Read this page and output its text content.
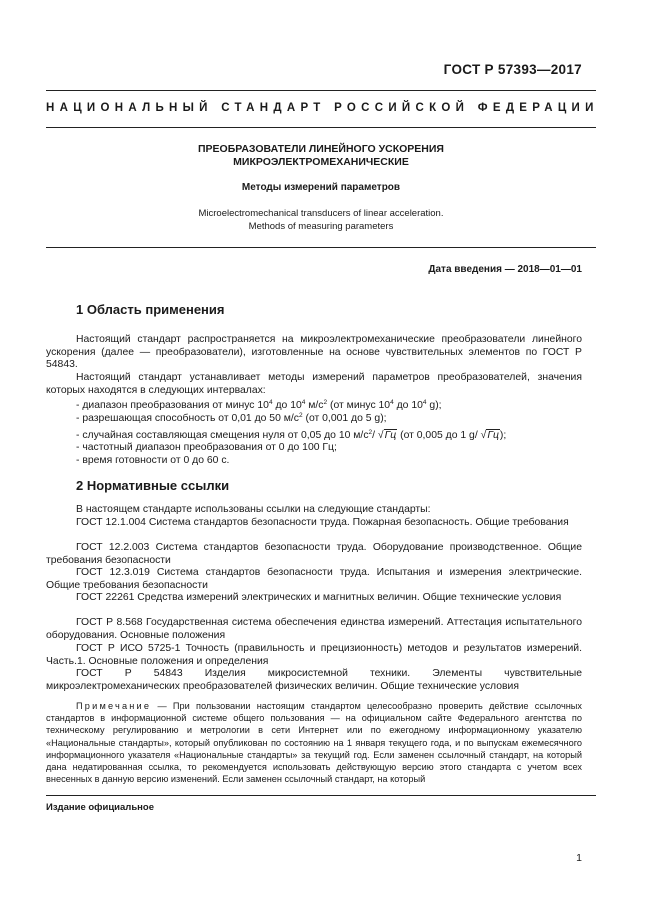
ГОСТ Р 57393—2017
НАЦИОНАЛЬНЫЙ СТАНДАРТ РОССИЙСКОЙ ФЕДЕРАЦИИ
ПРЕОБРАЗОВАТЕЛИ ЛИНЕЙНОГО УСКОРЕНИЯ
МИКРОЭЛЕКТРОМЕХАНИЧЕСКИЕ
Методы измерений параметров
Microelectromechanical transducers of linear acceleration.
Methods of measuring parameters
Дата введения — 2018—01—01
1 Область применения
Настоящий стандарт распространяется на микроэлектромеханические преобразователи линейного ускорения (далее — преобразователи), изготовленные на основе чувствительных элементов по ГОСТ Р 54843.
Настоящий стандарт устанавливает методы измерений параметров преобразователей, значения которых находятся в следующих интервалах:
- диапазон преобразования от минус $10^4$ до $10^4$ $м/с^2$ (от минус $10^4$ до $10^4$ g);
- разрешающая способность от 0,01 до 50 $м/с^2$ (от 0,001 до 5 g);
- случайная составляющая смещения нуля от 0,05 до 10 $м/с^2/$ √Гц (от 0,005 до 1 g/ √Гц);
- частотный диапазон преобразования от 0 до 100 Гц;
- время готовности от 0 до 60 с.
2 Нормативные ссылки
В настоящем стандарте использованы ссылки на следующие стандарты:
ГОСТ 12.1.004 Система стандартов безопасности труда. Пожарная безопасность. Общие требования
ГОСТ 12.2.003 Система стандартов безопасности труда. Оборудование производственное. Общие требования безопасности
ГОСТ 12.3.019 Система стандартов безопасности труда. Испытания и измерения электрические. Общие требования безопасности
ГОСТ 22261 Средства измерений электрических и магнитных величин. Общие технические условия
ГОСТ Р 8.568 Государственная система обеспечения единства измерений. Аттестация испытательного оборудования. Основные положения
ГОСТ Р ИСО 5725-1 Точность (правильность и прецизионность) методов и результатов измерений. Часть.1. Основные положения и определения
ГОСТ Р 54843 Изделия микросистемной техники. Элементы чувствительные микроэлектромеханических преобразователей физических величин. Общие технические условия
Примечание — При пользовании настоящим стандартом целесообразно проверить действие ссылочных стандартов в информационной системе общего пользования — на официальном сайте Федерального агентства по техническому регулированию и метрологии в сети Интернет или по ежегодному информационному указателю «Национальные стандарты», который опубликован по состоянию на 1 января текущего года, и по выпускам ежемесячного информационного указателя «Национальные стандарты» за текущий год. Если заменен ссылочный стандарт, на который дана недатированная ссылка, то рекомендуется использовать действующую версию этого стандарта с учетом всех внесенных в данную версию изменений. Если заменен ссылочный стандарт, на который
Издание официальное
1
